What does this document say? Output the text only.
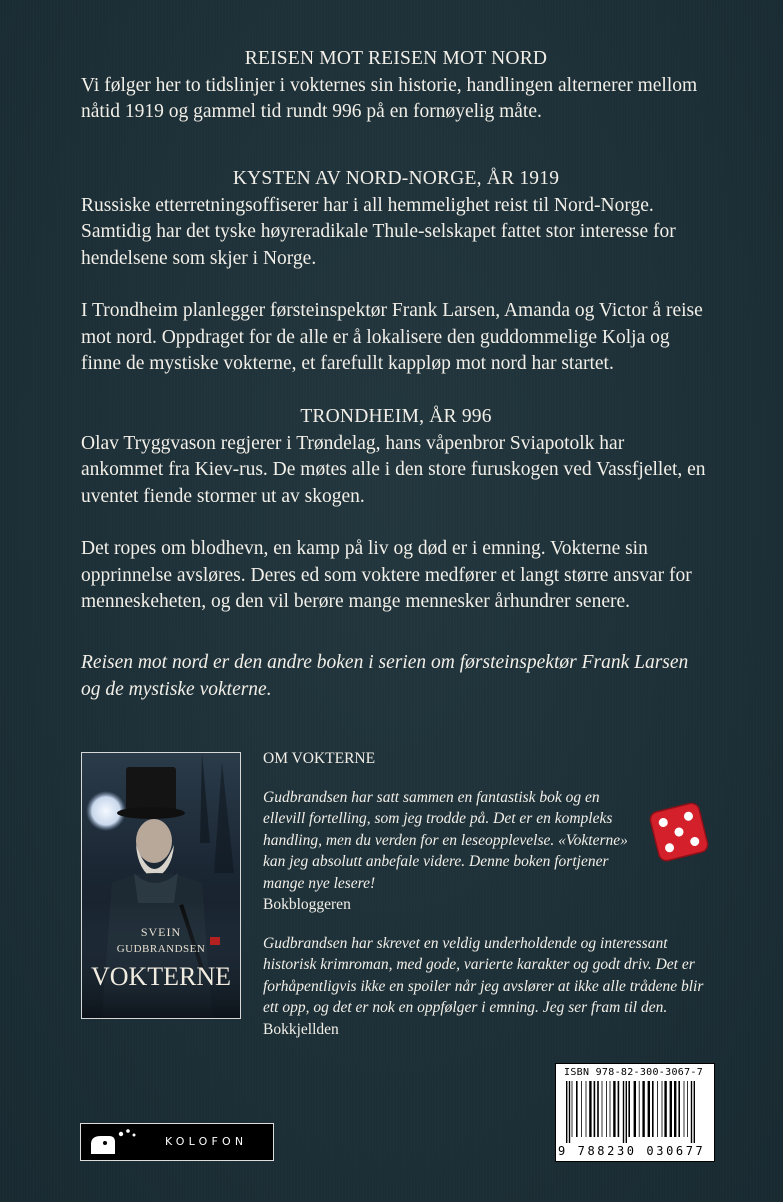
REISEN MOT REISEN MOT NORD

Vi følger her to tidslinjer i vokternes sin historie, handlingen alternerer mellom nåtid 1919 og gammel tid rundt 996 på en fornøyelig måte.

KYSTEN AV NORD-NORGE, ÅR 1919

Russiske etterretningsoffiserer har i all hemmelighet reist til Nord-Norge. Samtidig har det tyske høyreradikale Thule-selskapet fattet stor interesse for hendelsene som skjer i Norge.

I Trondheim planlegger førsteinspektør Frank Larsen, Amanda og Victor å reise mot nord. Oppdraget for de alle er å lokalisere den guddommelige Kolja og finne de mystiske vokterne, et farefullt kappløp mot nord har startet.

TRONDHEIM, ÅR 996

Olav Tryggvason regjerer i Trøndelag, hans våpenbror Sviapotolk har ankommet fra Kiev-rus. De møtes alle i den store furuskogen ved Vassfjellet, en uventet fiende stormer ut av skogen.

Det ropes om blodhevn, en kamp på liv og død er i emning. Vokterne sin opprinnelse avsløres. Deres ed som voktere medfører et langt større ansvar for menneskeheten, og den vil berøre mange mennesker århundrer senere.

Reisen mot nord er den andre boken i serien om førsteinspektør Frank Larsen og de mystiske vokterne.
SVEIN
GUDBRANDSEN
VOKTERNE
OM VOKTERNE
Gudbrandsen har satt sammen en fantastisk bok og en ellevill fortelling, som jeg trodde på. Det er en kompleks handling, men du verden for en leseopplevelse. «Vokterne» kan jeg absolutt anbefale videre. Denne boken fortjener mange nye lesere!
Bokbloggeren
Gudbrandsen har skrevet en veldig underholdende og interessant historisk krimroman, med gode, varierte karakter og godt driv. Det er forhåpentligvis ikke en spoiler når jeg avslører at ikke alle trådene blir ett opp, og det er nok en oppfølger i emning. Jeg ser fram til den.
Bokkjellden
ISBN 978-82-300-3067-7
9 788230 030677
KOLOFON
